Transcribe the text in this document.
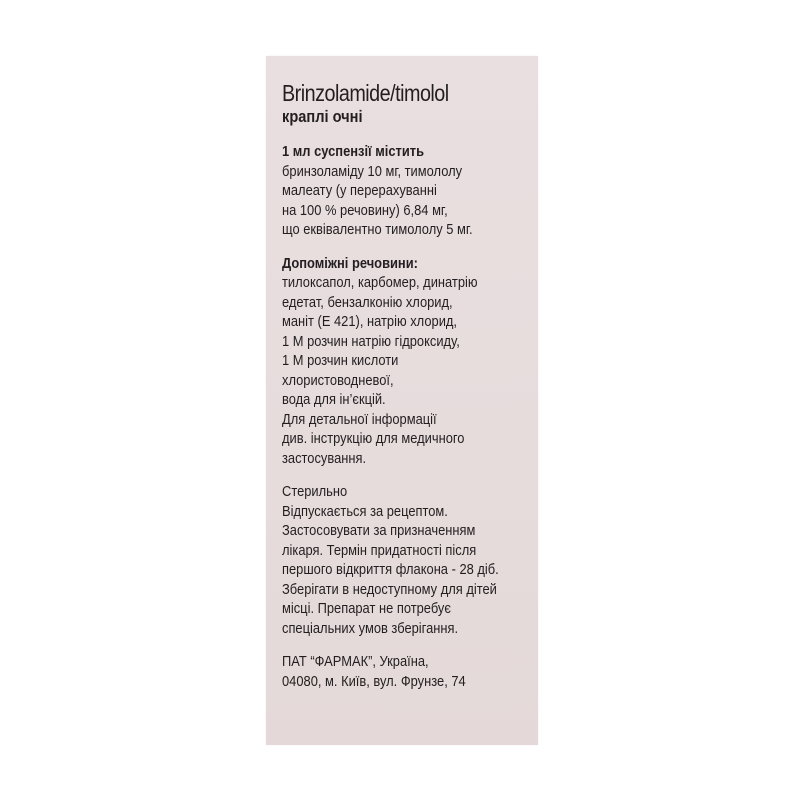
Brinzolamide/timolol
краплі очні
1 мл суспензії містить
бринзоламіду 10 мг, тимололу
малеату (у перерахуванні
на 100 % речовину) 6,84 мг,
що еквівалентно тимололу 5 мг.
Допоміжні речовини:
тилоксапол, карбомер, динатрію
едетат, бензалконію хлорид,
маніт (Е 421), натрію хлорид,
1 М розчин натрію гідроксиду,
1 М розчин кислоти
хлористоводневої,
вода для ін’єкцій.
Для детальної інформації
див. інструкцію для медичного
застосування.
Стерильно
Відпускається за рецептом.
Застосовувати за призначенням
лікаря. Термін придатності після
першого відкриття флакона - 28 діб.
Зберігати в недоступному для дітей
місці. Препарат не потребує
спеціальних умов зберігання.
ПАТ “ФАРМАК”, Україна,
04080, м. Київ, вул. Фрунзе, 74
